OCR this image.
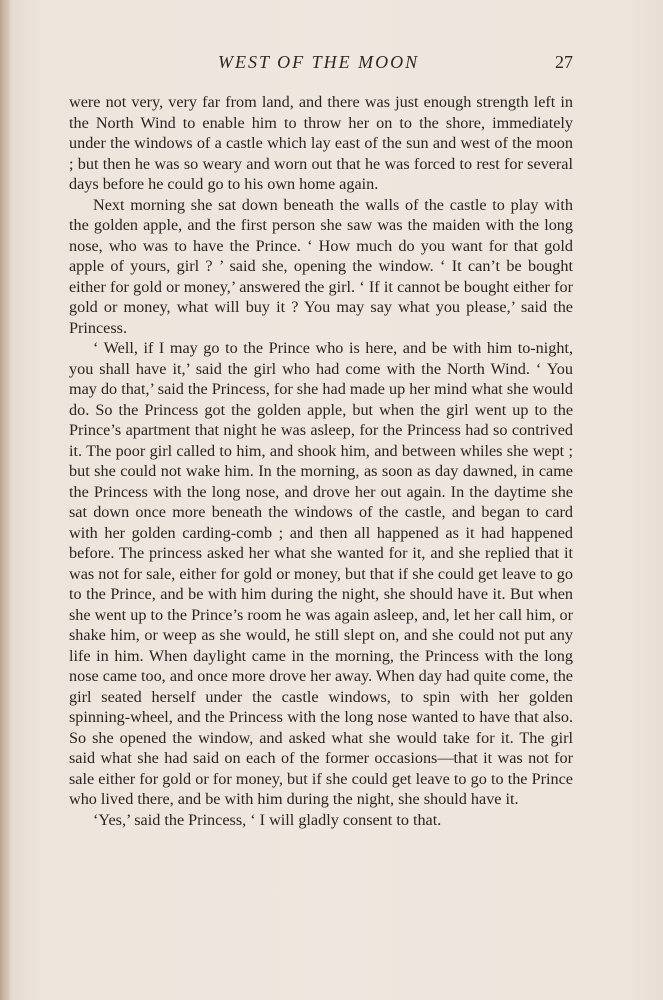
WEST OF THE MOON	27

were not very, very far from land, and there was just enough strength left in the North Wind to enable him to throw her on to the shore, immediately under the windows of a castle which lay east of the sun and west of the moon ; but then he was so weary and worn out that he was forced to rest for several days before he could go to his own home again.

Next morning she sat down beneath the walls of the castle to play with the golden apple, and the first person she saw was the maiden with the long nose, who was to have the Prince. ‘ How much do you want for that gold apple of yours, girl ? ’ said she, opening the window. ‘ It can’t be bought either for gold or money,’ answered the girl. ‘ If it cannot be bought either for gold or money, what will buy it ? You may say what you please,’ said the Princess.

‘ Well, if I may go to the Prince who is here, and be with him to-night, you shall have it,’ said the girl who had come with the North Wind. ‘ You may do that,’ said the Princess, for she had made up her mind what she would do. So the Princess got the golden apple, but when the girl went up to the Prince’s apartment that night he was asleep, for the Princess had so contrived it. The poor girl called to him, and shook him, and between whiles she wept ; but she could not wake him. In the morning, as soon as day dawned, in came the Princess with the long nose, and drove her out again. In the daytime she sat down once more beneath the windows of the castle, and began to card with her golden carding-comb ; and then all happened as it had happened before. The princess asked her what she wanted for it, and she replied that it was not for sale, either for gold or money, but that if she could get leave to go to the Prince, and be with him during the night, she should have it. But when she went up to the Prince’s room he was again asleep, and, let her call him, or shake him, or weep as she would, he still slept on, and she could not put any life in him. When daylight came in the morning, the Princess with the long nose came too, and once more drove her away. When day had quite come, the girl seated herself under the castle windows, to spin with her golden spinning-wheel, and the Princess with the long nose wanted to have that also. So she opened the window, and asked what she would take for it. The girl said what she had said on each of the former occasions—that it was not for sale either for gold or for money, but if she could get leave to go to the Prince who lived there, and be with him during the night, she should have it.

‘Yes,’ said the Princess, ‘ I will gladly consent to that.
